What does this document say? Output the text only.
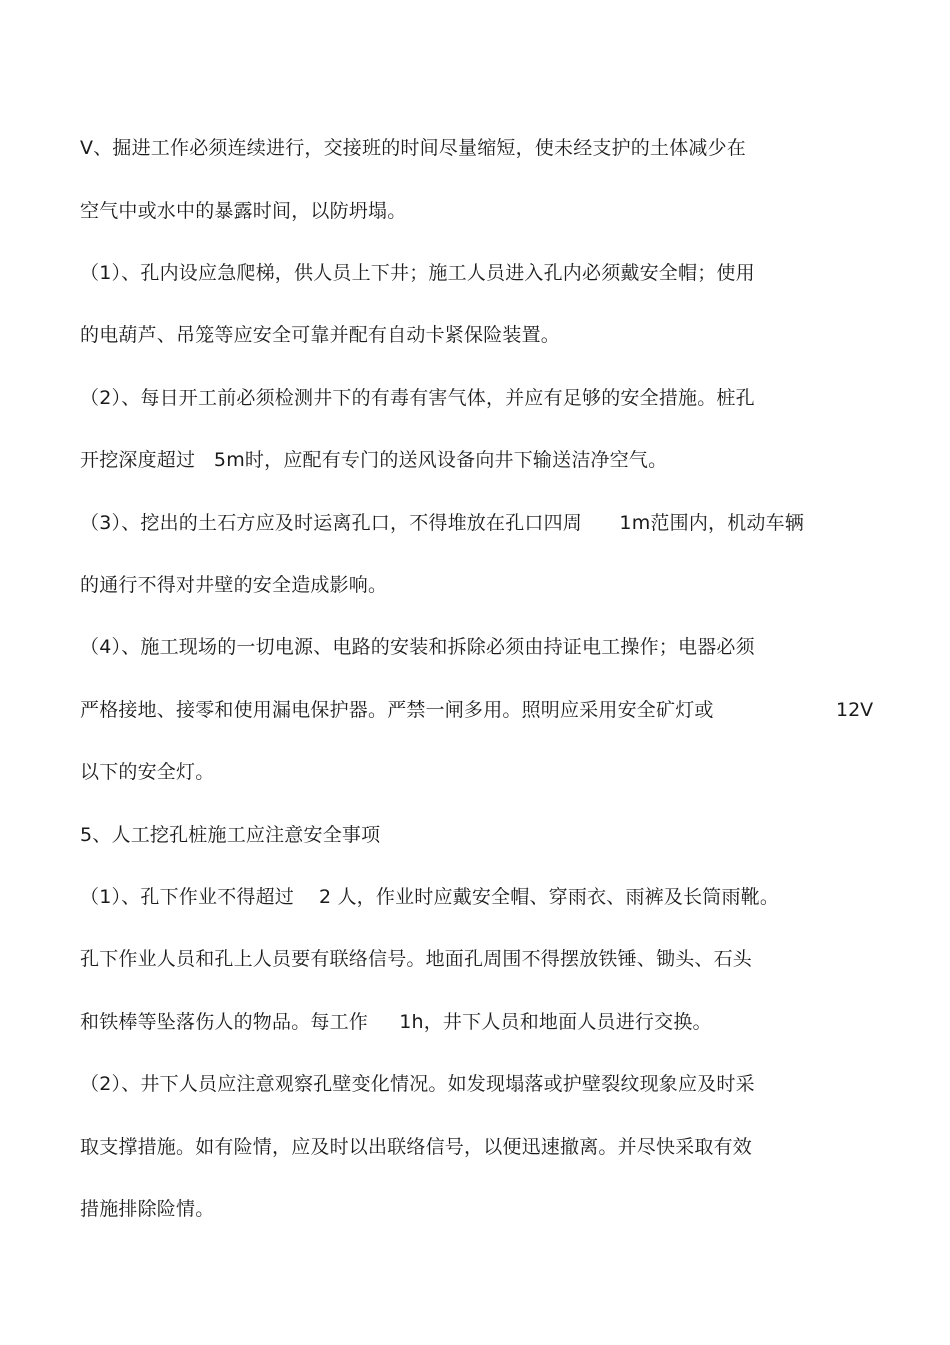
V、掘进工作必须连续进行，交接班的时间尽量缩短，使未经支护的土体减少在
空气中或水中的暴露时间，以防坍塌。
（1）、孔内设应急爬梯，供人员上下井；施工人员进入孔内必须戴安全帽；使用
的电葫芦、吊笼等应安全可靠并配有自动卡紧保险装置。
（2）、每日开工前必须检测井下的有毒有害气体，并应有足够的安全措施。桩孔
开挖深度超过   5m时，应配有专门的送风设备向井下输送洁净空气。
（3）、挖出的土石方应及时运离孔口，不得堆放在孔口四周      1m范围内，机动车辆
的通行不得对井壁的安全造成影响。
（4）、施工现场的一切电源、电路的安装和拆除必须由持证电工操作；电器必须
严格接地、接零和使用漏电保护器。严禁一闸多用。照明应采用安全矿灯或	12V
以下的安全灯。
5、人工挖孔桩施工应注意安全事项
（1）、孔下作业不得超过    2 人，作业时应戴安全帽、穿雨衣、雨裤及长筒雨靴。
孔下作业人员和孔上人员要有联络信号。地面孔周围不得摆放铁锤、锄头、石头
和铁棒等坠落伤人的物品。每工作     1h，井下人员和地面人员进行交换。
（2）、井下人员应注意观察孔壁变化情况。如发现塌落或护壁裂纹现象应及时采
取支撑措施。如有险情，应及时以出联络信号，以便迅速撤离。并尽快采取有效
措施排除险情。
